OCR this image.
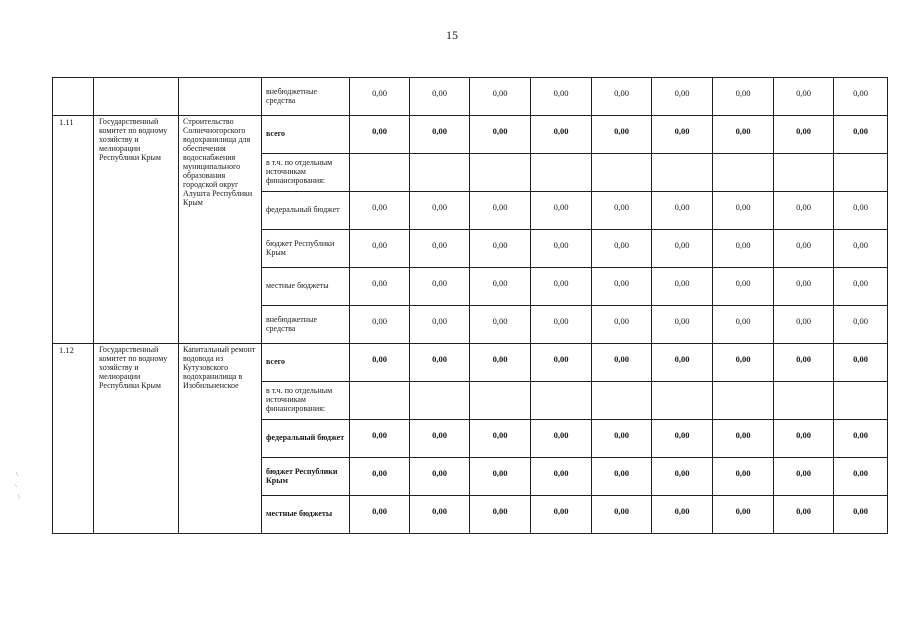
15

			внебюджетные средства	0,00	0,00	0,00	0,00	0,00	0,00	0,00	0,00	0,00

1.11	Государственный комитет по водному хозяйству и мелиорации Республики Крым	Строительство Солнечногорского водохранилища для обеспечения водоснабжения муниципального образования городской округ Алушта Республики Крым	всего	0,00	0,00	0,00	0,00	0,00	0,00	0,00	0,00	0,00

			в т.ч. по отдельным источникам финансирования:									

			федеральный бюджет	0,00	0,00	0,00	0,00	0,00	0,00	0,00	0,00	0,00

			бюджет Республики Крым	0,00	0,00	0,00	0,00	0,00	0,00	0,00	0,00	0,00

			местные бюджеты	0,00	0,00	0,00	0,00	0,00	0,00	0,00	0,00	0,00

			внебюджетные средства	0,00	0,00	0,00	0,00	0,00	0,00	0,00	0,00	0,00

1.12	Государственный комитет по водному хозяйству и мелиорации Республики Крым	Капитальный ремонт водовода из Кутузовского водохранилища в Изобильненское	всего	0,00	0,00	0,00	0,00	0,00	0,00	0,00	0,00	0,00

			в т.ч. по отдельным источникам финансирования:									

			федеральный бюджет	0,00	0,00	0,00	0,00	0,00	0,00	0,00	0,00	0,00

			бюджет Республики Крым	0,00	0,00	0,00	0,00	0,00	0,00	0,00	0,00	0,00

			местные бюджеты	0,00	0,00	0,00	0,00	0,00	0,00	0,00	0,00	0,00
